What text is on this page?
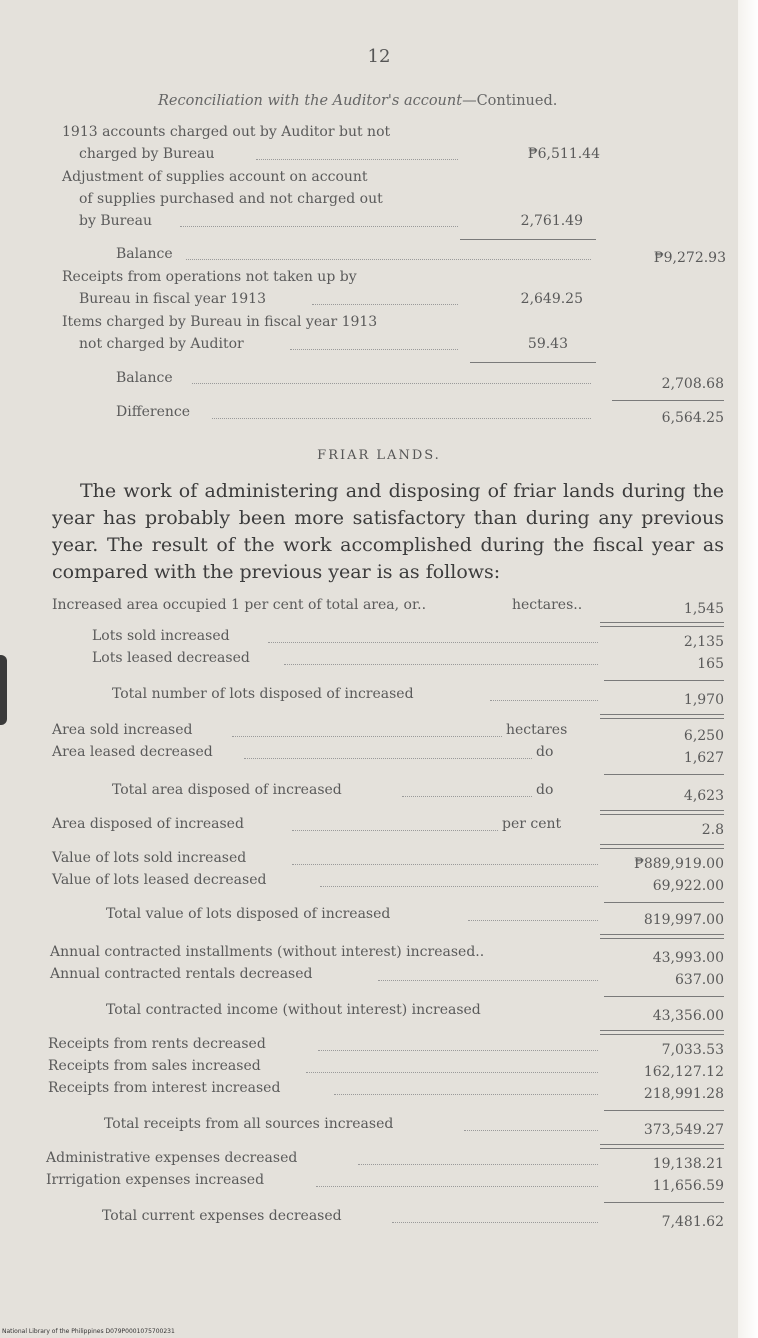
12
Reconciliation with the Auditor's account—Continued.
1913 accounts charged out by Auditor but not
charged by Bureau	₱6,511.44
Adjustment of supplies account on account
of supplies purchased and not charged out
by Bureau	2,761.49
Balance	₱9,272.93
Receipts from operations not taken up by
Bureau in fiscal year 1913	2,649.25
Items charged by Bureau in fiscal year 1913
not charged by Auditor	59.43
Balance	2,708.68
Difference	6,564.25
FRIAR LANDS.
The work of administering and disposing of friar lands during the year has probably been more satisfactory than during any previous year. The result of the work accomplished during the fiscal year as compared with the previous year is as follows:
Increased area occupied 1 per cent of total area, or..	hectares..	1,545
Lots sold increased	2,135
Lots leased decreased	165
Total number of lots disposed of increased	1,970
Area sold increased	hectares	6,250
Area leased decreased	do	1,627
Total area disposed of increased	do	4,623
Area disposed of increased	per cent	2.8
Value of lots sold increased	₱889,919.00
Value of lots leased decreased	69,922.00
Total value of lots disposed of increased	819,997.00
Annual contracted installments (without interest) increased..	43,993.00
Annual contracted rentals decreased	637.00
Total contracted income (without interest) increased	43,356.00
Receipts from rents decreased	7,033.53
Receipts from sales increased	162,127.12
Receipts from interest increased	218,991.28
Total receipts from all sources increased	373,549.27
Administrative expenses decreased	19,138.21
Irrrigation expenses increased	11,656.59
Total current expenses decreased	7,481.62
National Library of the Philippines D079P0001075700231
